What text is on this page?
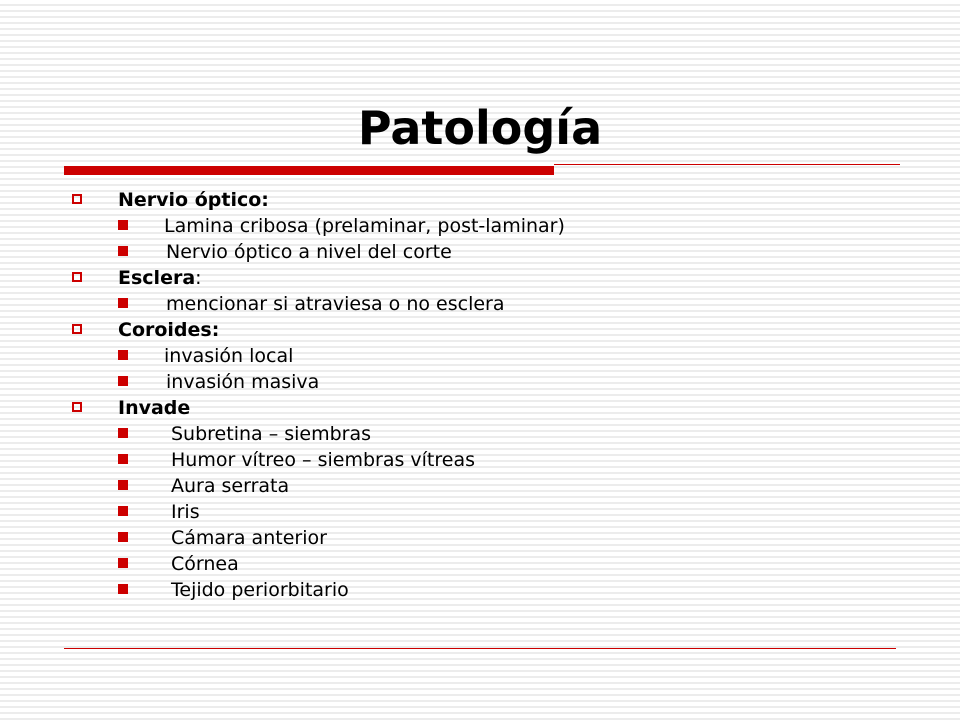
Patología
Nervio óptico:
Lamina cribosa (prelaminar, post-laminar)
Nervio óptico a nivel del corte
Esclera:
mencionar si atraviesa o no esclera
Coroides:
invasión local
invasión masiva
Invade
Subretina – siembras
Humor vítreo – siembras vítreas
Aura serrata
Iris
Cámara anterior
Córnea
Tejido periorbitario
